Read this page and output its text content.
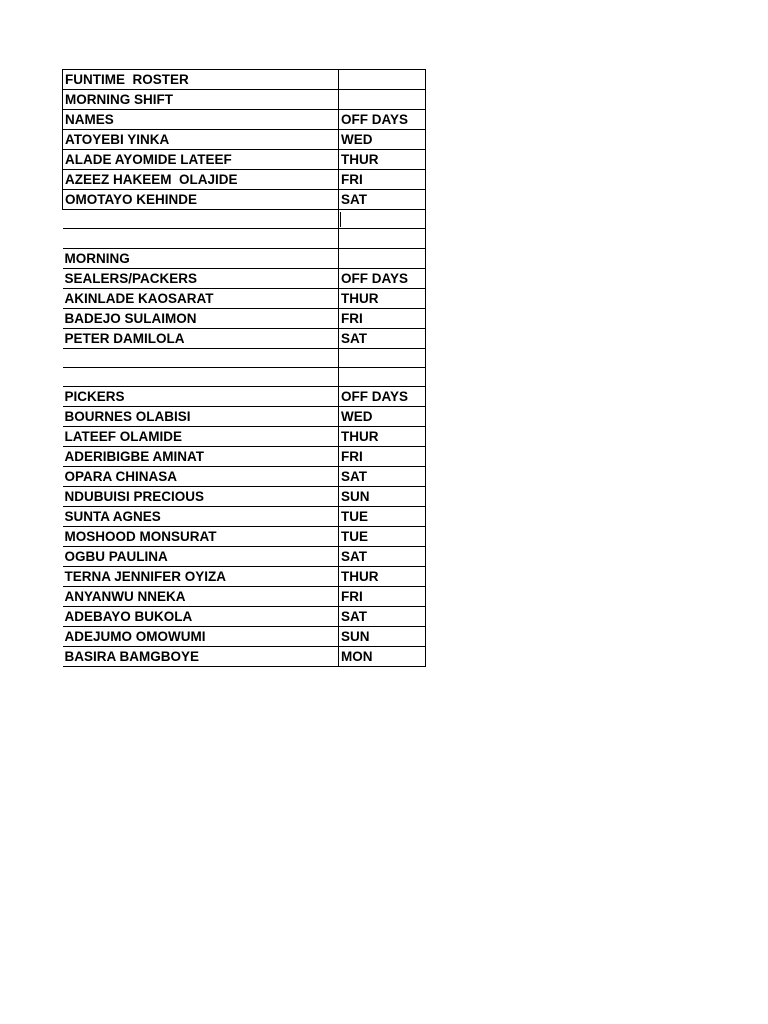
FUNTIME  ROSTER	
MORNING SHIFT	
NAMES	OFF DAYS
ATOYEBI YINKA	WED
ALADE AYOMIDE LATEEF	THUR
AZEEZ HAKEEM  OLAJIDE	FRI
OMOTAYO KEHINDE	SAT

MORNING	
SEALERS/PACKERS	OFF DAYS
AKINLADE KAOSARAT	THUR
BADEJO SULAIMON	FRI
PETER DAMILOLA	SAT

PICKERS	OFF DAYS
BOURNES OLABISI	WED
LATEEF OLAMIDE	THUR
ADERIBIGBE AMINAT	FRI
OPARA CHINASA	SAT
NDUBUISI PRECIOUS	SUN
SUNTA AGNES	TUE
MOSHOOD MONSURAT	TUE
OGBU PAULINA	SAT
TERNA JENNIFER OYIZA	THUR
ANYANWU NNEKA	FRI
ADEBAYO BUKOLA	SAT
ADEJUMO OMOWUMI	SUN
BASIRA BAMGBOYE	MON
